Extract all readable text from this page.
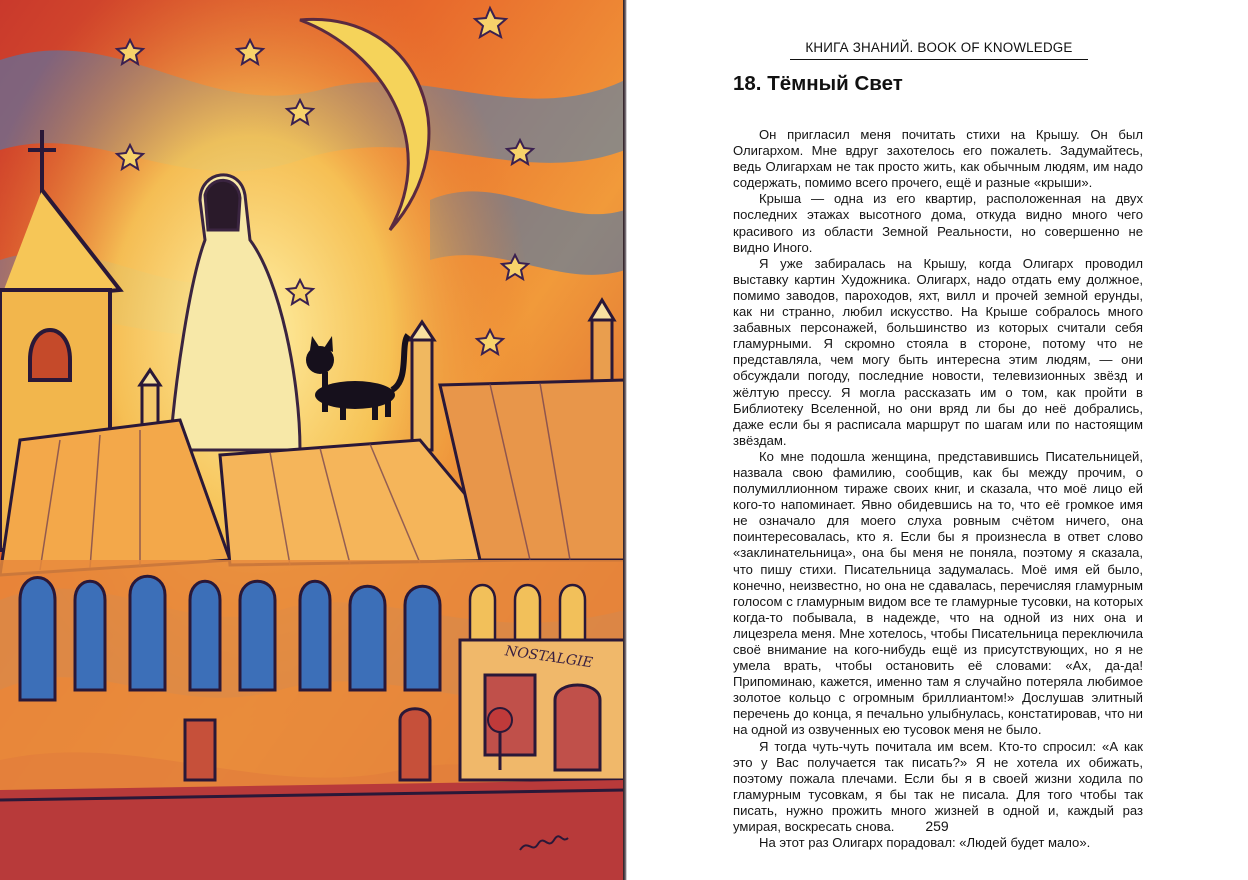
NOSTALGIE
КНИГА ЗНАНИЙ. BOOK OF KNOWLEDGE
18. Тёмный Свет

Он пригласил меня почитать стихи на Крышу. Он был Олигархом. Мне вдруг захотелось его пожалеть. Задумайтесь, ведь Олигархам не так просто жить, как обычным людям, им надо содержать, помимо всего прочего, ещё и разные «крыши».

Крыша — одна из его квартир, расположенная на двух последних этажах высотного дома, откуда видно много чего красивого из области Земной Реальности, но совершенно не видно Иного.

Я уже забиралась на Крышу, когда Олигарх проводил выставку картин Художника. Олигарх, надо отдать ему должное, помимо заводов, пароходов, яхт, вилл и прочей земной ерунды, как ни странно, любил искусство. На Крыше собралось много забавных персонажей, большинство из которых считали себя гламурными. Я скромно стояла в стороне, потому что не представляла, чем могу быть интересна этим людям, — они обсуждали погоду, последние новости, телевизионных звёзд и жёлтую прессу. Я могла рассказать им о том, как пройти в Библиотеку Вселенной, но они вряд ли бы до неё добрались, даже если бы я расписала маршрут по шагам или по настоящим звёздам.

Ко мне подошла женщина, представившись Писательницей, назвала свою фамилию, сообщив, как бы между прочим, о полумиллионном тираже своих книг, и сказала, что моё лицо ей кого-то напоминает. Явно обидевшись на то, что её громкое имя не означало для моего слуха ровным счётом ничего, она поинтересовалась, кто я. Если бы я произнесла в ответ слово «заклинательница», она бы меня не поняла, поэтому я сказала, что пишу стихи. Писательница задумалась. Моё имя ей было, конечно, неизвестно, но она не сдавалась, перечисляя гламурным голосом с гламурным видом все те гламурные тусовки, на которых когда-то побывала, в надежде, что на одной из них она и лицезрела меня. Мне хотелось, чтобы Писательница переключила своё внимание на кого-нибудь ещё из присутствующих, но я не умела врать, чтобы остановить её словами: «Ах, да-да! Припоминаю, кажется, именно там я случайно потеряла любимое золотое кольцо с огромным бриллиантом!» Дослушав элитный перечень до конца, я печально улыбнулась, констатировав, что ни на одной из озвученных ею тусовок меня не было.

Я тогда чуть-чуть почитала им всем. Кто-то спросил: «А как это у Вас получается так писать?» Я не хотела их обижать, поэтому пожала плечами. Если бы я в своей жизни ходила по гламурным тусовкам, я бы так не писала. Для того чтобы так писать, нужно прожить много жизней в одной и, каждый раз умирая, воскресать снова.

На этот раз Олигарх порадовал: «Людей будет мало».

259
